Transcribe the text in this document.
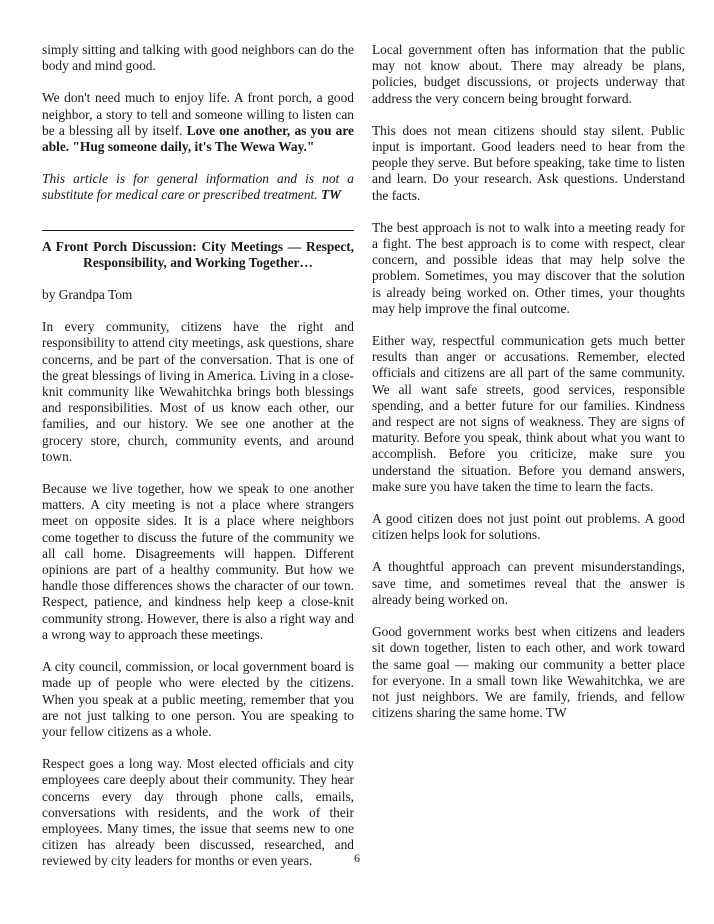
simply sitting and talking with good neighbors can do the body and mind good.

We don't need much to enjoy life. A front porch, a good neighbor, a story to tell and someone willing to listen can be a blessing all by itself. Love one another, as you are able. "Hug someone daily, it's The Wewa Way."

This article is for general information and is not a substitute for medical care or prescribed treatment. TW

A Front Porch Discussion: City Meetings — Respect, Responsibility, and Working Together…

by Grandpa Tom

In every community, citizens have the right and responsibility to attend city meetings, ask questions, share concerns, and be part of the conversation. That is one of the great blessings of living in America. Living in a close-knit community like Wewahitchka brings both blessings and responsibilities. Most of us know each other, our families, and our history. We see one another at the grocery store, church, community events, and around town.

Because we live together, how we speak to one another matters. A city meeting is not a place where strangers meet on opposite sides. It is a place where neighbors come together to discuss the future of the community we all call home. Disagreements will happen. Different opinions are part of a healthy community. But how we handle those differences shows the character of our town. Respect, patience, and kindness help keep a close-knit community strong. However, there is also a right way and a wrong way to approach these meetings.

A city council, commission, or local government board is made up of people who were elected by the citizens. When you speak at a public meeting, remember that you are not just talking to one person. You are speaking to your fellow citizens as a whole.

Respect goes a long way. Most elected officials and city employees care deeply about their community. They hear concerns every day through phone calls, emails, conversations with residents, and the work of their employees. Many times, the issue that seems new to one citizen has already been discussed, researched, and reviewed by city leaders for months or even years.

Local government often has information that the public may not know about. There may already be plans, policies, budget discussions, or projects underway that address the very concern being brought forward.

This does not mean citizens should stay silent. Public input is important. Good leaders need to hear from the people they serve. But before speaking, take time to listen and learn. Do your research. Ask questions. Understand the facts.

The best approach is not to walk into a meeting ready for a fight. The best approach is to come with respect, clear concern, and possible ideas that may help solve the problem. Sometimes, you may discover that the solution is already being worked on. Other times, your thoughts may help improve the final outcome.

Either way, respectful communication gets much better results than anger or accusations. Remember, elected officials and citizens are all part of the same community. We all want safe streets, good services, responsible spending, and a better future for our families. Kindness and respect are not signs of weakness. They are signs of maturity. Before you speak, think about what you want to accomplish. Before you criticize, make sure you understand the situation. Before you demand answers, make sure you have taken the time to learn the facts.

A good citizen does not just point out problems. A good citizen helps look for solutions.

A thoughtful approach can prevent misunderstandings, save time, and sometimes reveal that the answer is already being worked on.

Good government works best when citizens and leaders sit down together, listen to each other, and work toward the same goal — making our community a better place for everyone. In a small town like Wewahitchka, we are not just neighbors. We are family, friends, and fellow citizens sharing the same home. TW

6
